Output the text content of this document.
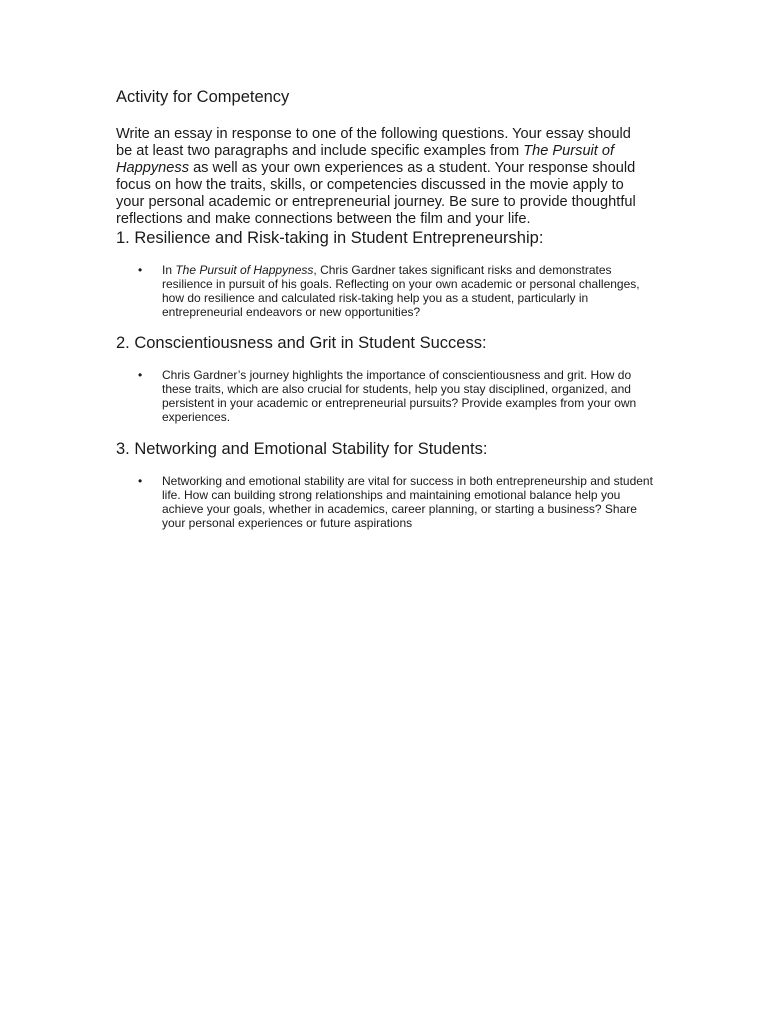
Activity for Competency

Write an essay in response to one of the following questions. Your essay should be at least two paragraphs and include specific examples from The Pursuit of Happyness as well as your own experiences as a student. Your response should focus on how the traits, skills, or competencies discussed in the movie apply to your personal academic or entrepreneurial journey. Be sure to provide thoughtful reflections and make connections between the film and your life.

1. Resilience and Risk-taking in Student Entrepreneurship:
• In The Pursuit of Happyness, Chris Gardner takes significant risks and demonstrates resilience in pursuit of his goals. Reflecting on your own academic or personal challenges, how do resilience and calculated risk-taking help you as a student, particularly in entrepreneurial endeavors or new opportunities?
2. Conscientiousness and Grit in Student Success:
• Chris Gardner’s journey highlights the importance of conscientiousness and grit. How do these traits, which are also crucial for students, help you stay disciplined, organized, and persistent in your academic or entrepreneurial pursuits? Provide examples from your own experiences.
3. Networking and Emotional Stability for Students:
• Networking and emotional stability are vital for success in both entrepreneurship and student life. How can building strong relationships and maintaining emotional balance help you achieve your goals, whether in academics, career planning, or starting a business? Share your personal experiences or future aspirations
